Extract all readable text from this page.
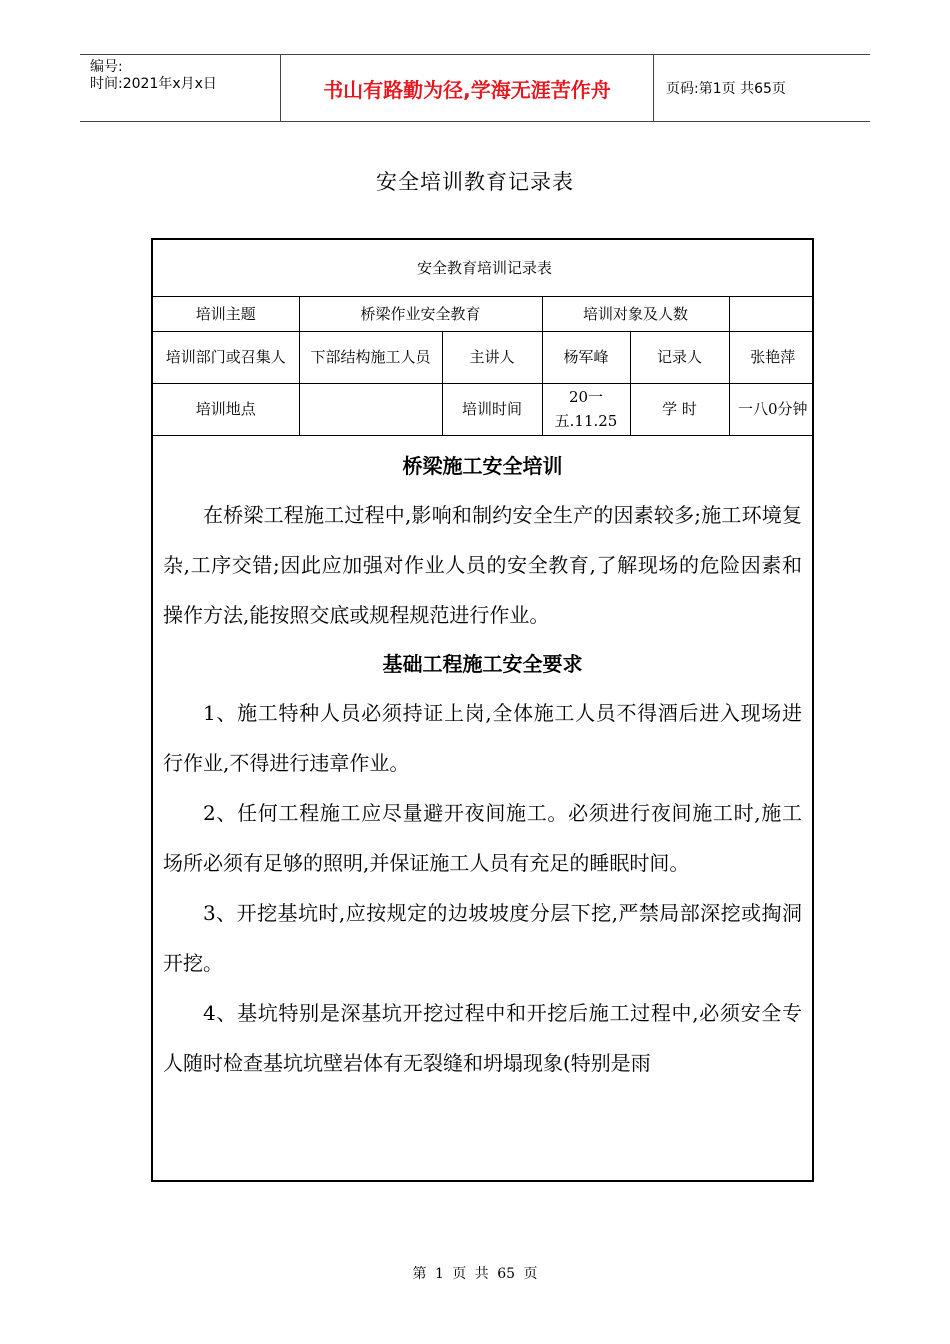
编号:
时间:2021年x月x日	书山有路勤为径,学海无涯苦作舟	页码:第1页 共65页
安全培训教育记录表
安全教育培训记录表					
培训主题	桥梁作业安全教育		培训对象及人数		
培训部门或召集人	下部结构施工人员	主讲人	杨军峰	记录人	张艳萍
培训地点		培训时间	20一五.11.25	学 时	一八0分钟
桥梁施工安全培训

在桥梁工程施工过程中,影响和制约安全生产的因素较多;施工环境复杂,工序交错;因此应加强对作业人员的安全教育,了解现场的危险因素和操作方法,能按照交底或规程规范进行作业。

基础工程施工安全要求

1、施工特种人员必须持证上岗,全体施工人员不得酒后进入现场进行作业,不得进行违章作业。

2、任何工程施工应尽量避开夜间施工。必须进行夜间施工时,施工场所必须有足够的照明,并保证施工人员有充足的睡眠时间。

3、开挖基坑时,应按规定的边坡坡度分层下挖,严禁局部深挖或掏洞开挖。

4、基坑特别是深基坑开挖过程中和开挖后施工过程中,必须安全专人随时检查基坑坑壁岩体有无裂缝和坍塌现象(特别是雨

第 1 页 共 65 页
